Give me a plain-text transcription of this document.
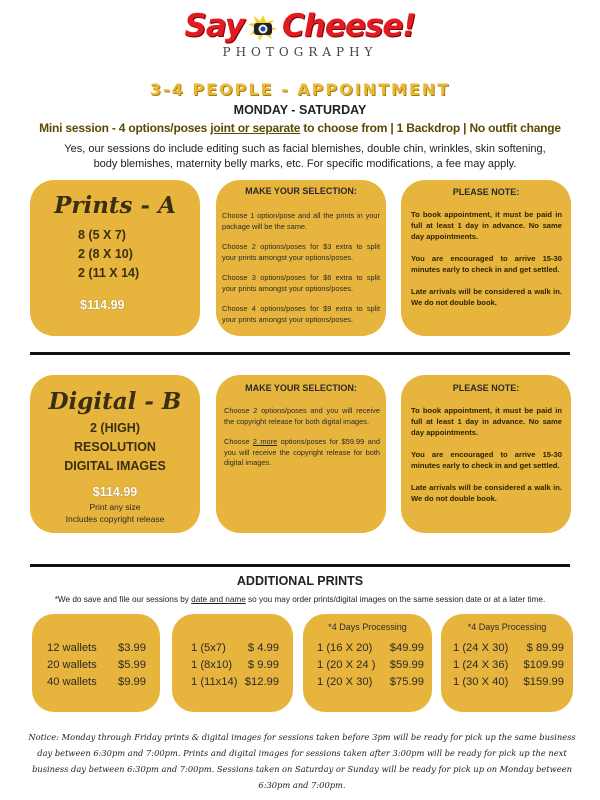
Say Cheese!
PHOTOGRAPHY
3-4 PEOPLE - APPOINTMENT
MONDAY - SATURDAY
Mini session - 4 options/poses joint or separate to choose from | 1 Backdrop | No outfit change
Yes, our sessions do include editing such as facial blemishes, double chin, wrinkles, skin softening, body blemishes, maternity belly marks, etc. For specific modifications, a fee may apply.
Prints - A
8 (5 X 7)
2 (8 X 10)
2 (11 X 14)
$114.99
MAKE YOUR SELECTION:

Choose 1 option/pose and all the prints in your package will be the same.

Choose 2 options/poses for $3 extra to split your prints amongst your options/poses.

Choose 3 options/poses for $6 extra to split your prints amongst your options/poses.

Choose 4 options/poses for $9 extra to split your prints amongst your options/poses.

PLEASE NOTE:

To book appointment, it must be paid in full at least 1 day in advance. No same day appointments.

You are encouraged to arrive 15-30 minutes early to check in and get settled.

Late arrivals will be considered a walk in. We do not double book.

Digital - B
2 (HIGH)
RESOLUTION
DIGITAL IMAGES
$114.99
Print any size
Includes copyright release
MAKE YOUR SELECTION:

Choose 2 options/poses and you will receive the copyright release for both digital images.

Choose 2 more options/poses for $59.99 and you will receive the copyright release for both digital images.

PLEASE NOTE:

To book appointment, it must be paid in full at least 1 day in advance. No same day appointments.

You are encouraged to arrive 15-30 minutes early to check in and get settled.

Late arrivals will be considered a walk in. We do not double book.

ADDITIONAL PRINTS
*We do save and file our sessions by date and name so you may order prints/digital images on the same session date or at a later time.
12 wallets $3.99
20 wallets $5.99
40 wallets $9.99
1 (5x7) $ 4.99
1 (8x10) $ 9.99
1 (11x14) $12.99
*4 Days Processing
1 (16 X 20) $49.99
1 (20 X 24 ) $59.99
1 (20 X 30) $75.99
*4 Days Processing
1 (24 X 30) $ 89.99
1 (24 X 36) $109.99
1 (30 X 40) $159.99
Notice: Monday through Friday prints & digital images for sessions taken before 3pm will be ready for pick up the same business day between 6:30pm and 7:00pm. Prints and digital images for sessions taken after 3:00pm will be ready for pick up the next business day between 6:30pm and 7:00pm. Sessions taken on Saturday or Sunday will be ready for pick up on Monday between 6:30pm and 7:00pm.
